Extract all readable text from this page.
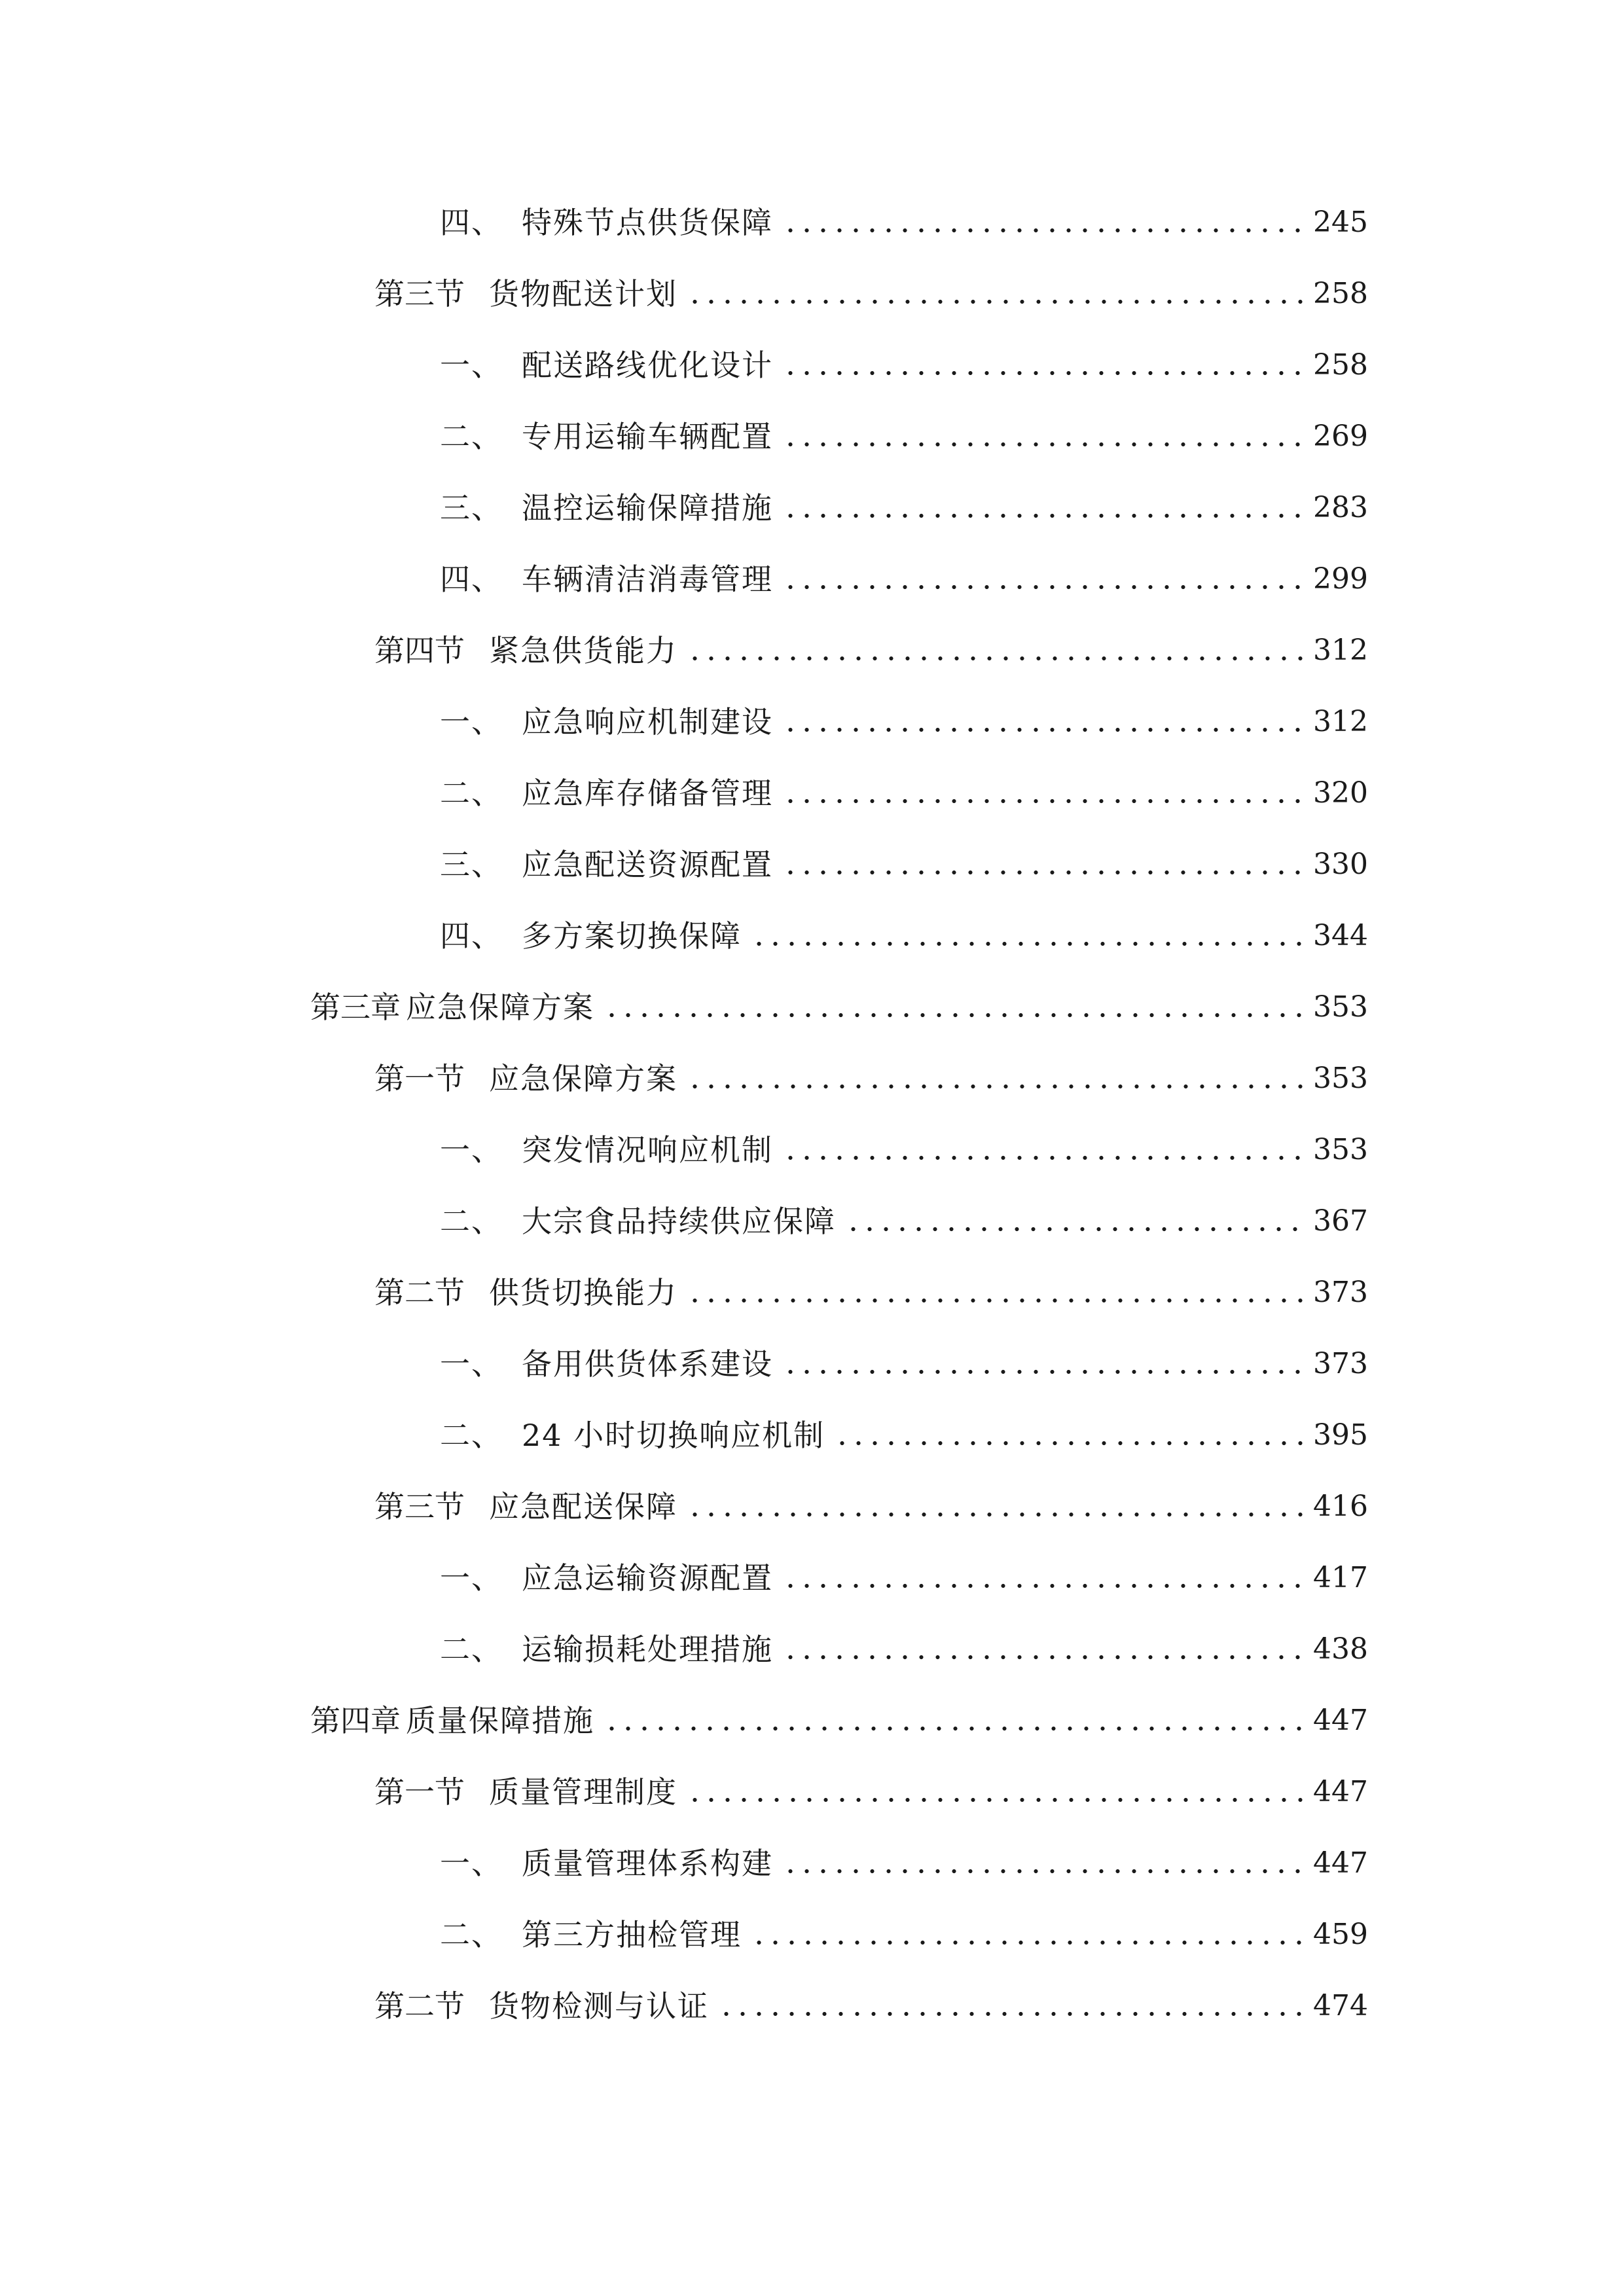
四、 特殊节点供货保障	245
第三节 货物配送计划	258
一、 配送路线优化设计	258
二、 专用运输车辆配置	269
三、 温控运输保障措施	283
四、 车辆清洁消毒管理	299
第四节 紧急供货能力	312
一、 应急响应机制建设	312
二、 应急库存储备管理	320
三、 应急配送资源配置	330
四、 多方案切换保障	344
第三章 应急保障方案	353
第一节 应急保障方案	353
一、 突发情况响应机制	353
二、 大宗食品持续供应保障	367
第二节 供货切换能力	373
一、 备用供货体系建设	373
二、 24 小时切换响应机制	395
第三节 应急配送保障	416
一、 应急运输资源配置	417
二、 运输损耗处理措施	438
第四章 质量保障措施	447
第一节 质量管理制度	447
一、 质量管理体系构建	447
二、 第三方抽检管理	459
第二节 货物检测与认证	474
